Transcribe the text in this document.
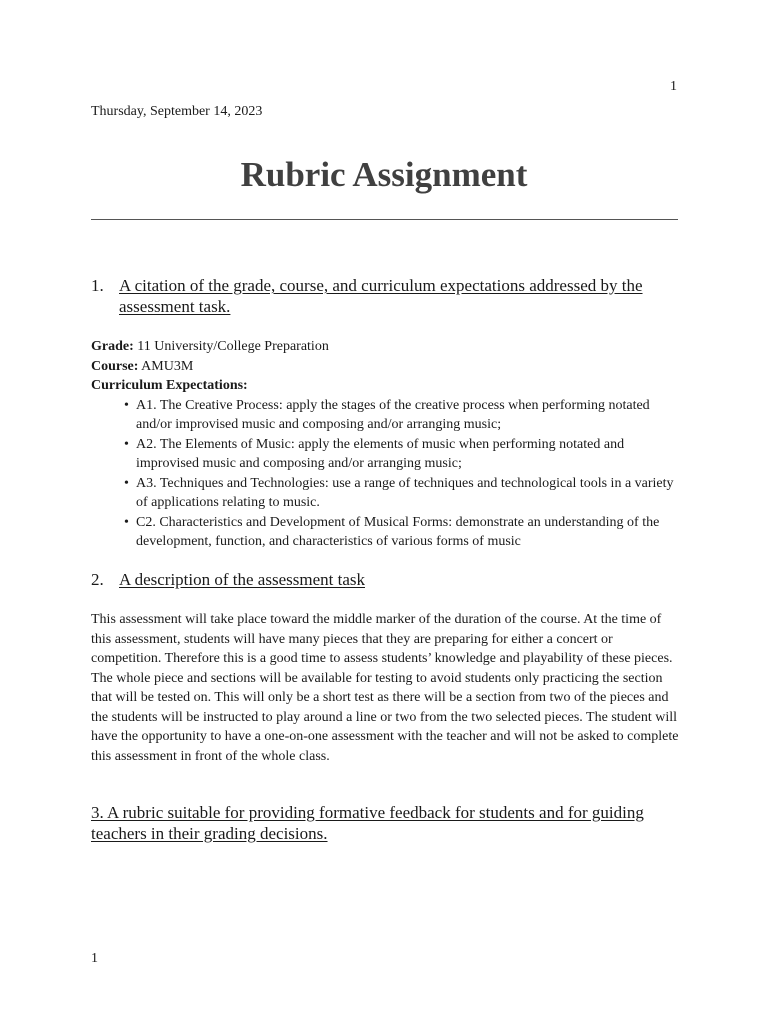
1
Thursday, September 14, 2023
Rubric Assignment
1. A citation of the grade, course, and curriculum expectations addressed by the assessment task.
Grade: 11 University/College Preparation
Course: AMU3M
Curriculum Expectations:
• A1. The Creative Process: apply the stages of the creative process when performing notated and/or improvised music and composing and/or arranging music;
• A2. The Elements of Music: apply the elements of music when performing notated and improvised music and composing and/or arranging music;
• A3. Techniques and Technologies: use a range of techniques and technological tools in a variety of applications relating to music.
• C2. Characteristics and Development of Musical Forms: demonstrate an understanding of the development, function, and characteristics of various forms of music
2. A description of the assessment task

This assessment will take place toward the middle marker of the duration of the course. At the time of this assessment, students will have many pieces that they are preparing for either a concert or competition. Therefore this is a good time to assess students’ knowledge and playability of these pieces. The whole piece and sections will be available for testing to avoid students only practicing the section that will be tested on. This will only be a short test as there will be a section from two of the pieces and the students will be instructed to play around a line or two from the two selected pieces. The student will have the opportunity to have a one-on-one assessment with the teacher and will not be asked to complete this assessment in front of the whole class.

3. A rubric suitable for providing formative feedback for students and for guiding teachers in their grading decisions.
1
